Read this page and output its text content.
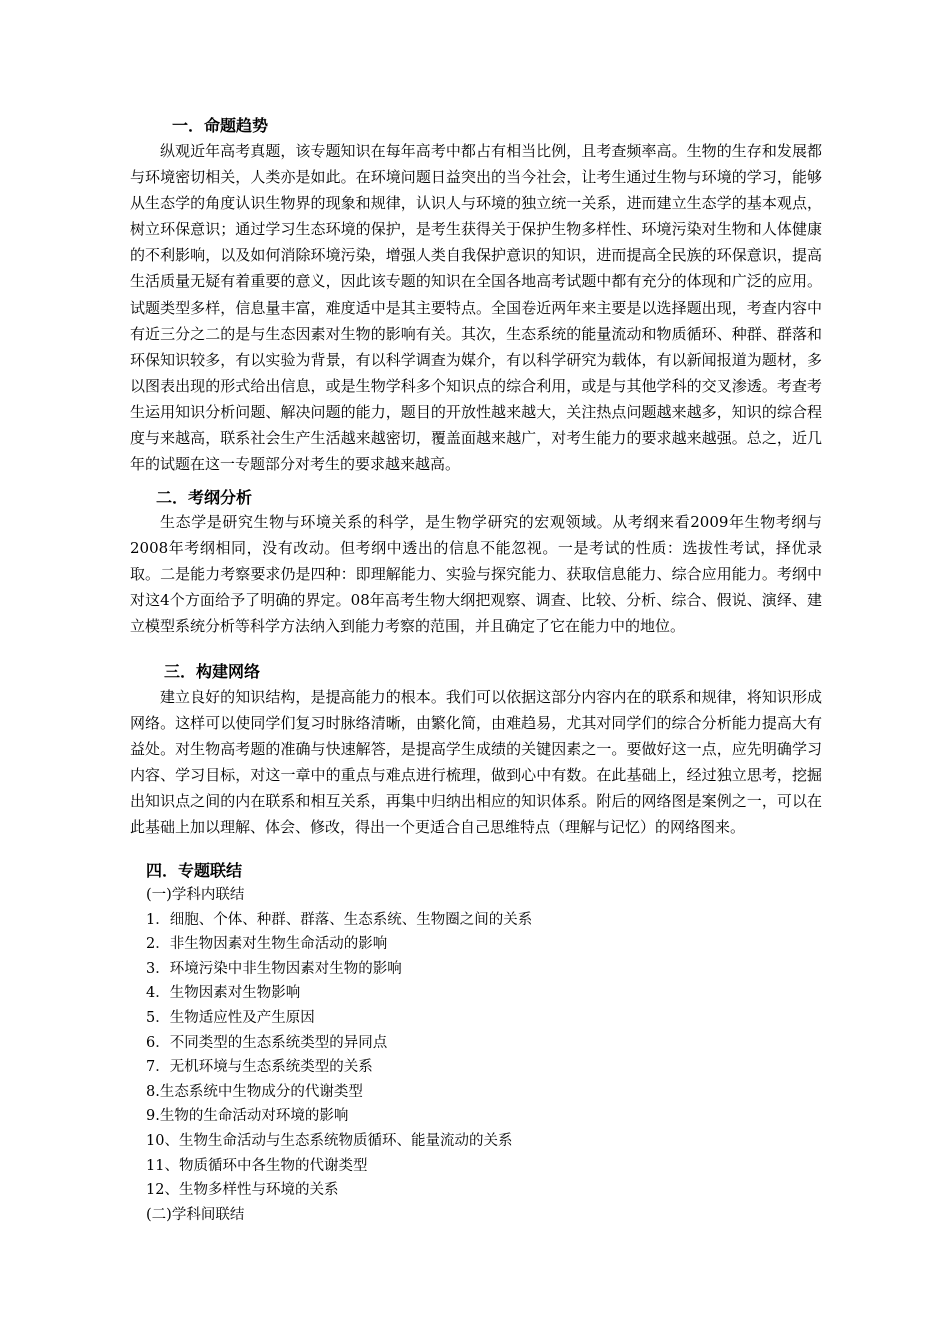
一．命题趋势
纵观近年高考真题，该专题知识在每年高考中都占有相当比例，且考查频率高。生物的生存和发展都与环境密切相关，人类亦是如此。在环境问题日益突出的当今社会，让考生通过生物与环境的学习，能够从生态学的角度认识生物界的现象和规律，认识人与环境的独立统一关系，进而建立生态学的基本观点，树立环保意识；通过学习生态环境的保护，是考生获得关于保护生物多样性、环境污染对生物和人体健康的不利影响，以及如何消除环境污染，增强人类自我保护意识的知识，进而提高全民族的环保意识，提高生活质量无疑有着重要的意义，因此该专题的知识在全国各地高考试题中都有充分的体现和广泛的应用。试题类型多样，信息量丰富，难度适中是其主要特点。全国卷近两年来主要是以选择题出现，考查内容中有近三分之二的是与生态因素对生物的影响有关。其次，生态系统的能量流动和物质循环、种群、群落和环保知识较多，有以实验为背景，有以科学调查为媒介，有以科学研究为载体，有以新闻报道为题材，多以图表出现的形式给出信息，或是生物学科多个知识点的综合利用，或是与其他学科的交叉渗透。考查考生运用知识分析问题、解决问题的能力，题目的开放性越来越大，关注热点问题越来越多，知识的综合程度与来越高，联系社会生产生活越来越密切，覆盖面越来越广，对考生能力的要求越来越强。总之，近几年的试题在这一专题部分对考生的要求越来越高。
二．考纲分析
生态学是研究生物与环境关系的科学，是生物学研究的宏观领域。从考纲来看2009年生物考纲与2008年考纲相同，没有改动。但考纲中透出的信息不能忽视。一是考试的性质：选拔性考试，择优录取。二是能力考察要求仍是四种：即理解能力、实验与探究能力、获取信息能力、综合应用能力。考纲中对这4个方面给予了明确的界定。08年高考生物大纲把观察、调查、比较、分析、综合、假说、演绎、建立模型系统分析等科学方法纳入到能力考察的范围，并且确定了它在能力中的地位。
三．构建网络
建立良好的知识结构，是提高能力的根本。我们可以依据这部分内容内在的联系和规律，将知识形成网络。这样可以使同学们复习时脉络清晰，由繁化简，由难趋易，尤其对同学们的综合分析能力提高大有益处。对生物高考题的准确与快速解答，是提高学生成绩的关键因素之一。要做好这一点，应先明确学习内容、学习目标，对这一章中的重点与难点进行梳理，做到心中有数。在此基础上，经过独立思考，挖掘出知识点之间的内在联系和相互关系，再集中归纳出相应的知识体系。附后的网络图是案例之一，可以在此基础上加以理解、体会、修改，得出一个更适合自己思维特点（理解与记忆）的网络图来。
四．专题联结
(一)学科内联结
1．细胞、个体、种群、群落、生态系统、生物圈之间的关系
2．非生物因素对生物生命活动的影响
3．环境污染中非生物因素对生物的影响
4．生物因素对生物影响
5．生物适应性及产生原因
6．不同类型的生态系统类型的异同点
7．无机环境与生态系统类型的关系
8.生态系统中生物成分的代谢类型
9.生物的生命活动对环境的影响
10、生物生命活动与生态系统物质循环、能量流动的关系
11、物质循环中各生物的代谢类型
12、生物多样性与环境的关系
(二)学科间联结
